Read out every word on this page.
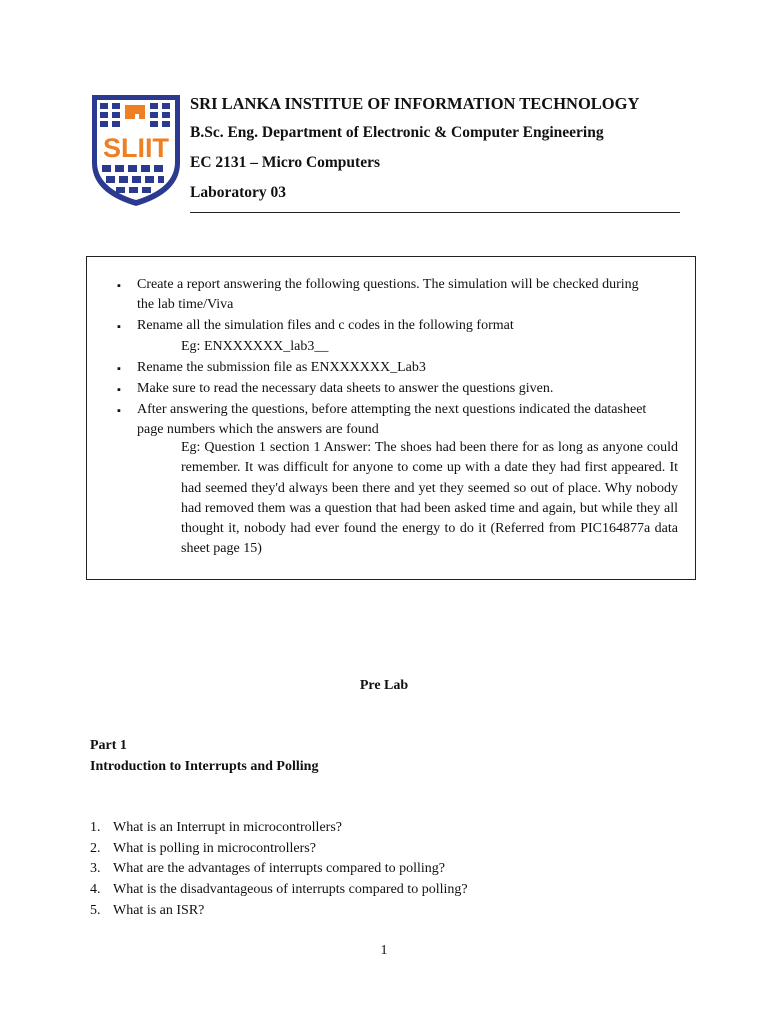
SLIIT

SRI LANKA INSTITUE OF INFORMATION TECHNOLOGY

B.Sc. Eng. Department of Electronic & Computer Engineering

EC 2131 – Micro Computers

Laboratory 03

▪ Create a report answering the following questions. The simulation will be checked during
the lab time/Viva
▪ Rename all the simulation files and c codes in the following format
Eg: ENXXXXXX_lab3__
▪ Rename the submission file as ENXXXXXX_Lab3
▪ Make sure to read the necessary data sheets to answer the questions given.
▪ After answering the questions, before attempting the next questions indicated the datasheet
page numbers which the answers are found
Eg: Question 1 section 1 Answer: The shoes had been there for as long as anyone could remember. It was difficult for anyone to come up with a date they had first appeared. It had seemed they'd always been there and yet they seemed so out of place. Why nobody had removed them was a question that had been asked time and again, but while they all thought it, nobody had ever found the energy to do it (Referred from PIC164877a data sheet page 15)

Pre Lab

Part 1

Introduction to Interrupts and Polling

1. What is an Interrupt in microcontrollers?
2. What is polling in microcontrollers?
3. What are the advantages of interrupts compared to polling?
4. What is the disadvantageous of interrupts compared to polling?
5. What is an ISR?

1
